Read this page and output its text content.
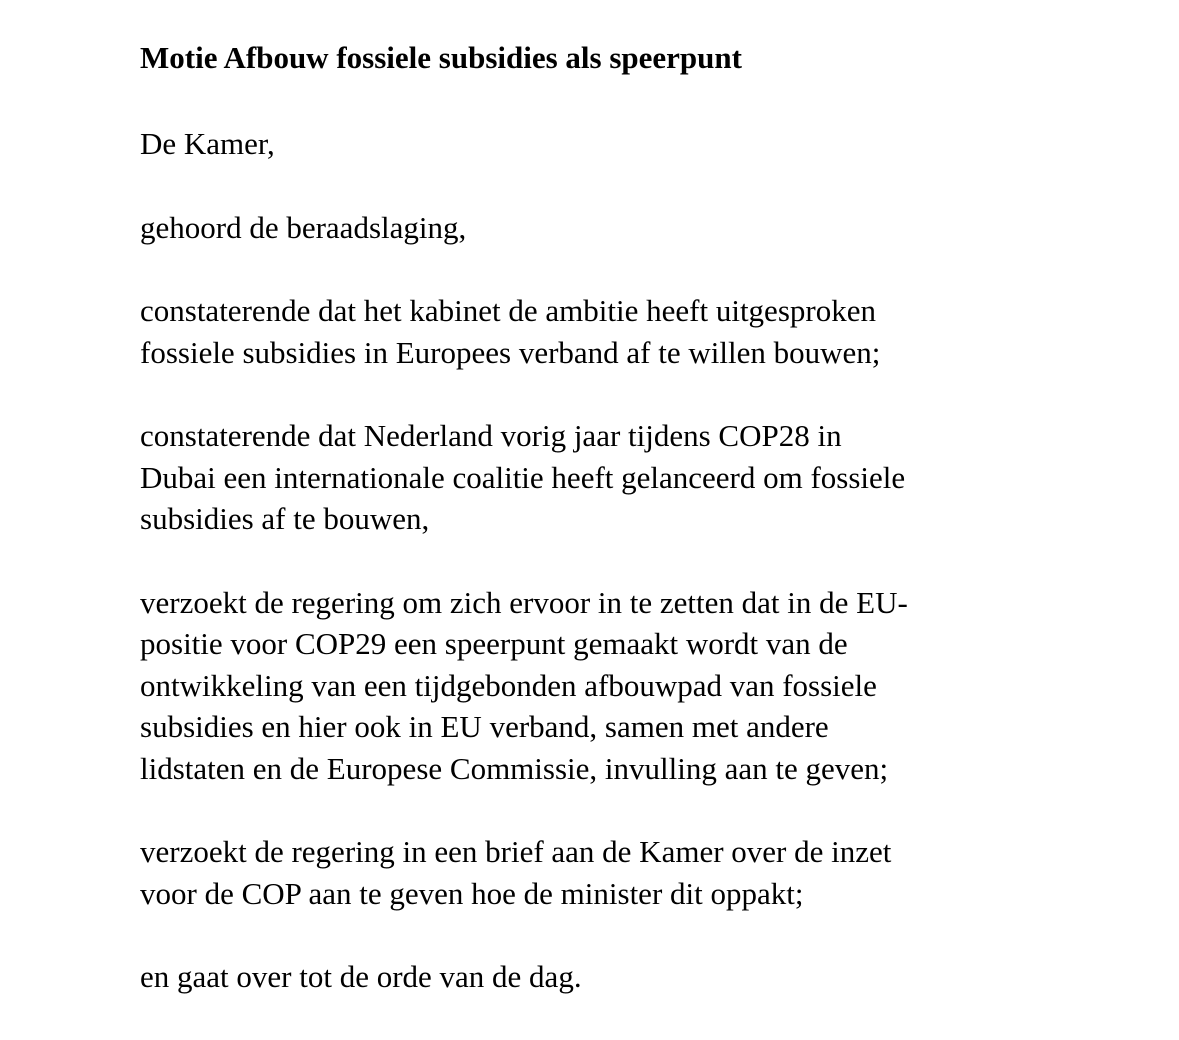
Motie Afbouw fossiele subsidies als speerpunt
De Kamer,
gehoord de beraadslaging,
constaterende dat het kabinet de ambitie heeft uitgesproken
fossiele subsidies in Europees verband af te willen bouwen;
constaterende dat Nederland vorig jaar tijdens COP28 in
Dubai een internationale coalitie heeft gelanceerd om fossiele
subsidies af te bouwen,
verzoekt de regering om zich ervoor in te zetten dat in de EU-
positie voor COP29 een speerpunt gemaakt wordt van de
ontwikkeling van een tijdgebonden afbouwpad van fossiele
subsidies en hier ook in EU verband, samen met andere
lidstaten en de Europese Commissie, invulling aan te geven;
verzoekt de regering in een brief aan de Kamer over de inzet
voor de COP aan te geven hoe de minister dit oppakt;
en gaat over tot de orde van de dag.
